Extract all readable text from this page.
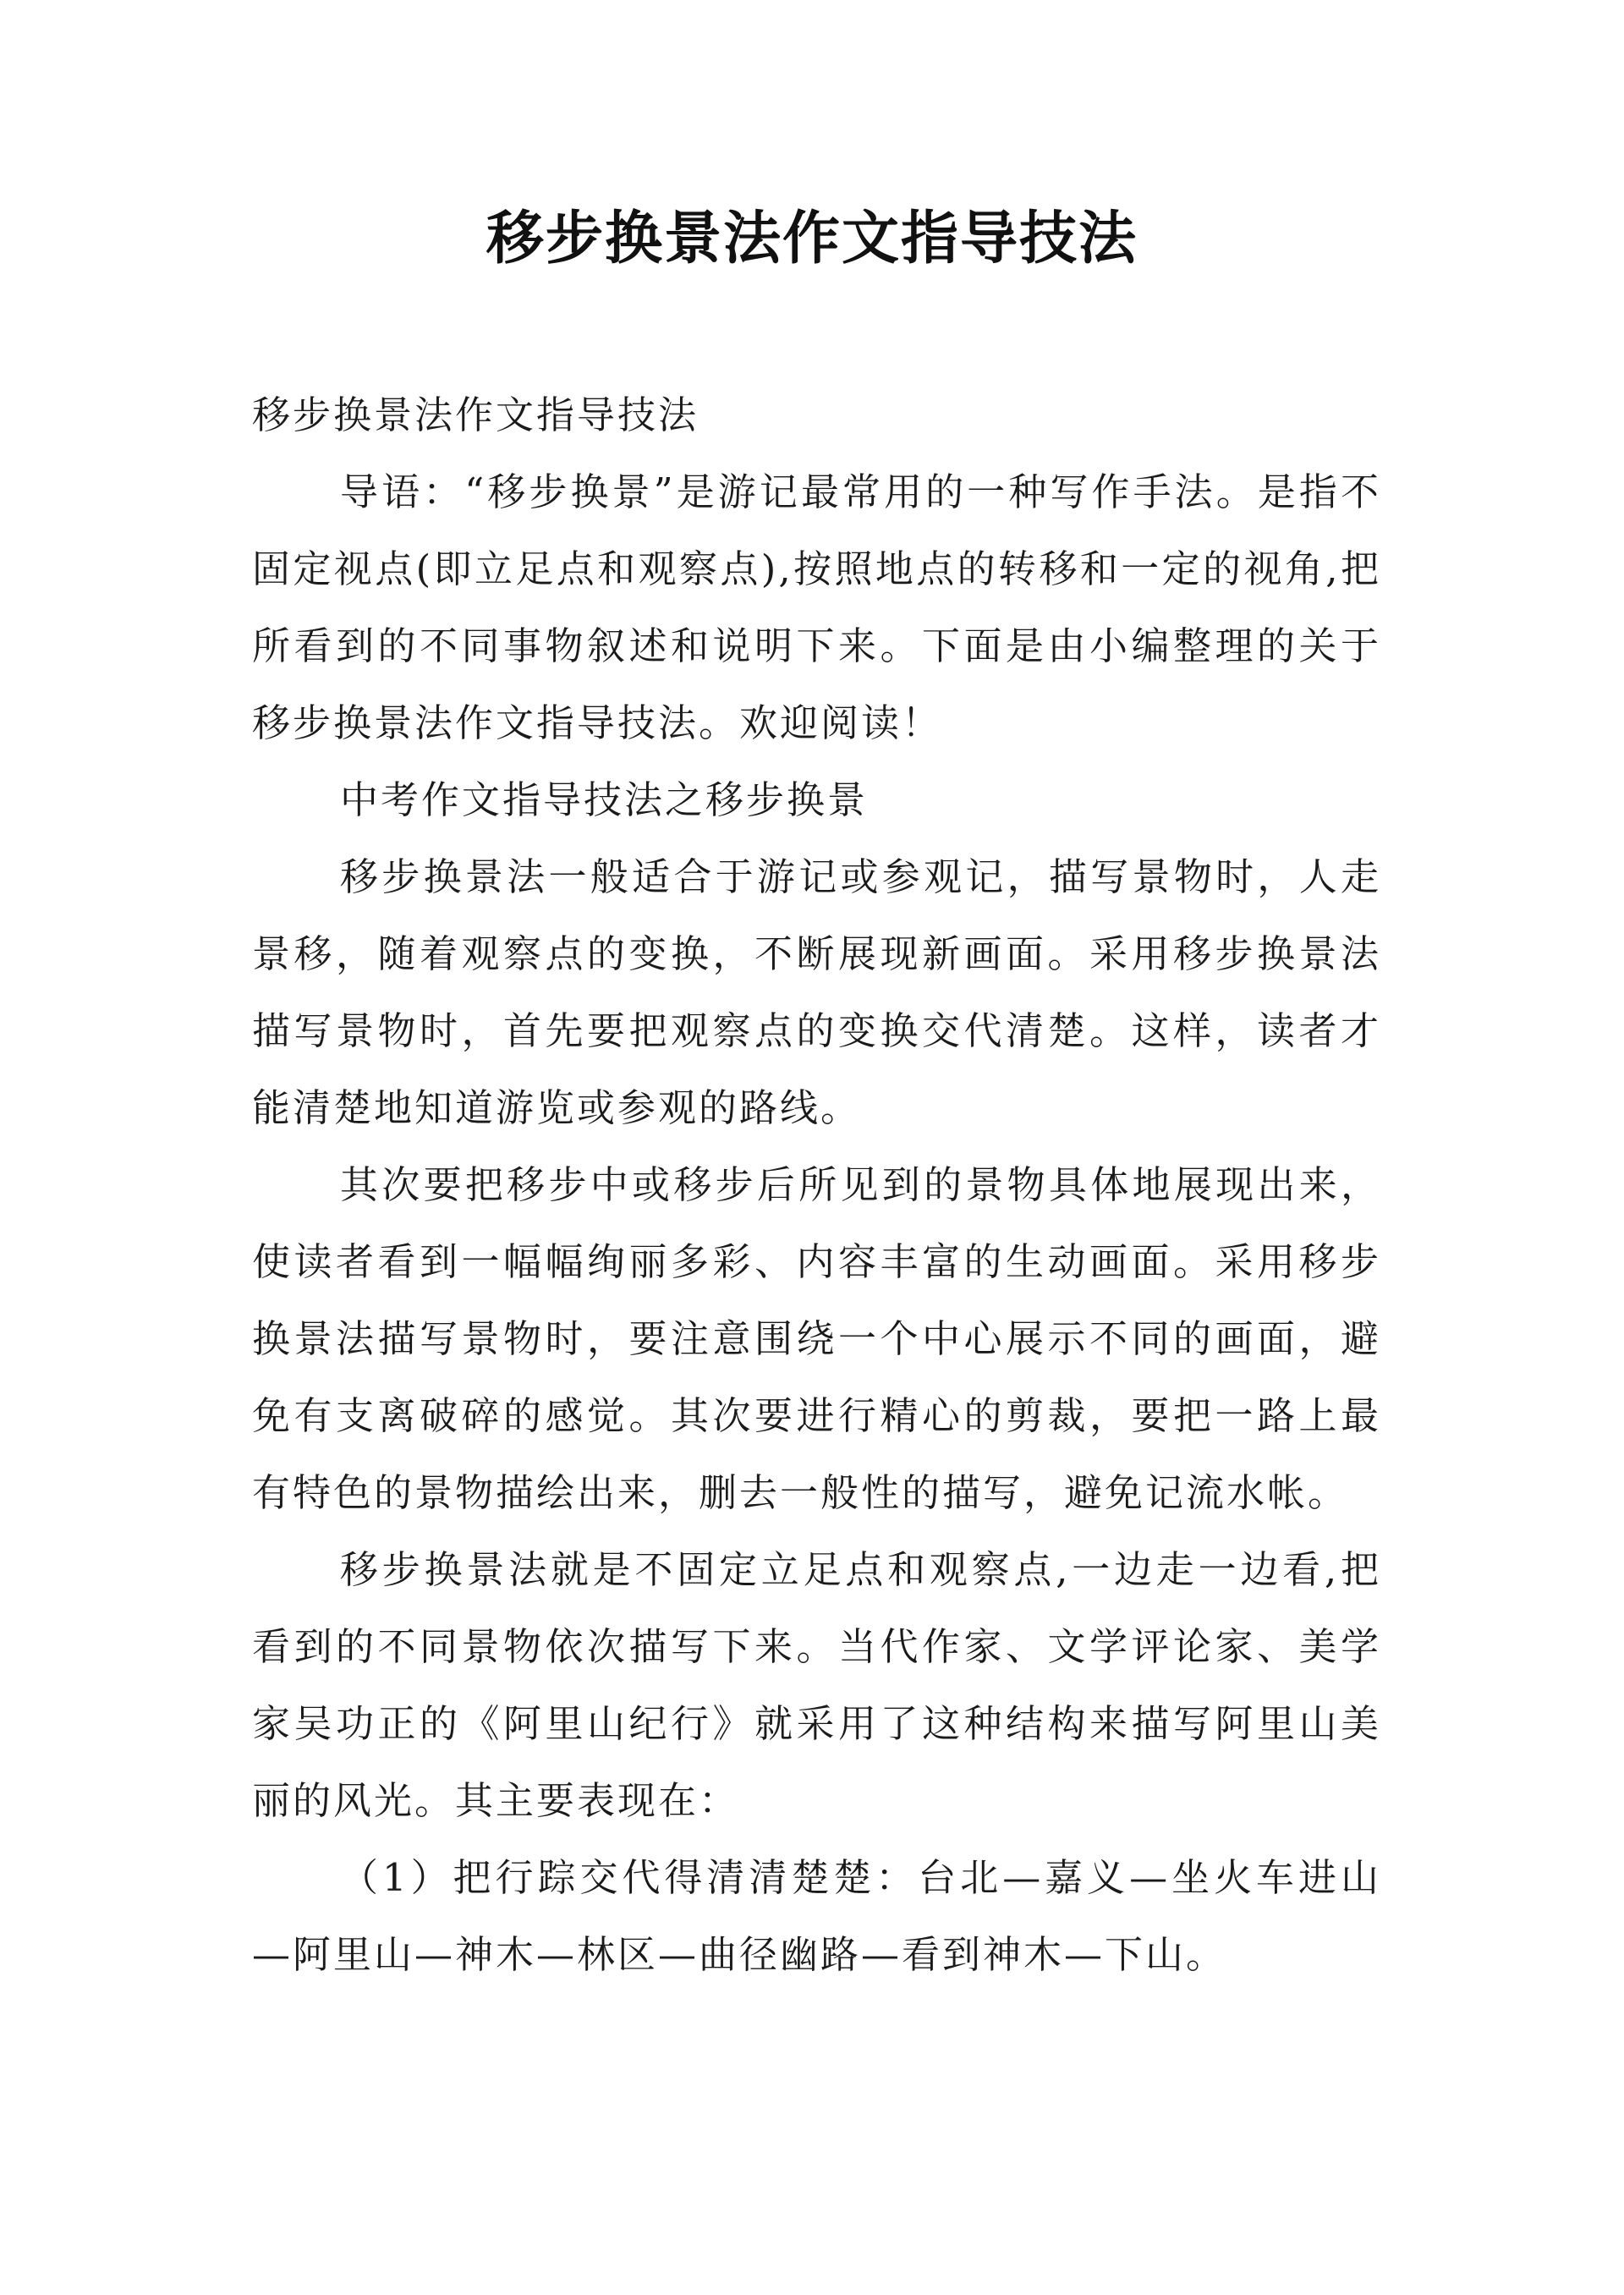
移步换景法作文指导技法

移步换景法作文指导技法

导语：“移步换景”是游记最常用的一种写作手法。是指不固定视点(即立足点和观察点),按照地点的转移和一定的视角,把所看到的不同事物叙述和说明下来。下面是由小编整理的关于移步换景法作文指导技法。欢迎阅读！

中考作文指导技法之移步换景

移步换景法一般适合于游记或参观记，描写景物时，人走景移，随着观察点的变换，不断展现新画面。采用移步换景法描写景物时，首先要把观察点的变换交代清楚。这样，读者才能清楚地知道游览或参观的路线。

其次要把移步中或移步后所见到的景物具体地展现出来，使读者看到一幅幅绚丽多彩、内容丰富的生动画面。采用移步换景法描写景物时，要注意围绕一个中心展示不同的画面，避免有支离破碎的感觉。其次要进行精心的剪裁，要把一路上最有特色的景物描绘出来，删去一般性的描写，避免记流水帐。

移步换景法就是不固定立足点和观察点,一边走一边看,把看到的不同景物依次描写下来。当代作家、文学评论家、美学家吴功正的《阿里山纪行》就采用了这种结构来描写阿里山美丽的风光。其主要表现在：

（1）把行踪交代得清清楚楚：台北—嘉义—坐火车进山—阿里山—神木—林区—曲径幽路—看到神木—下山。
